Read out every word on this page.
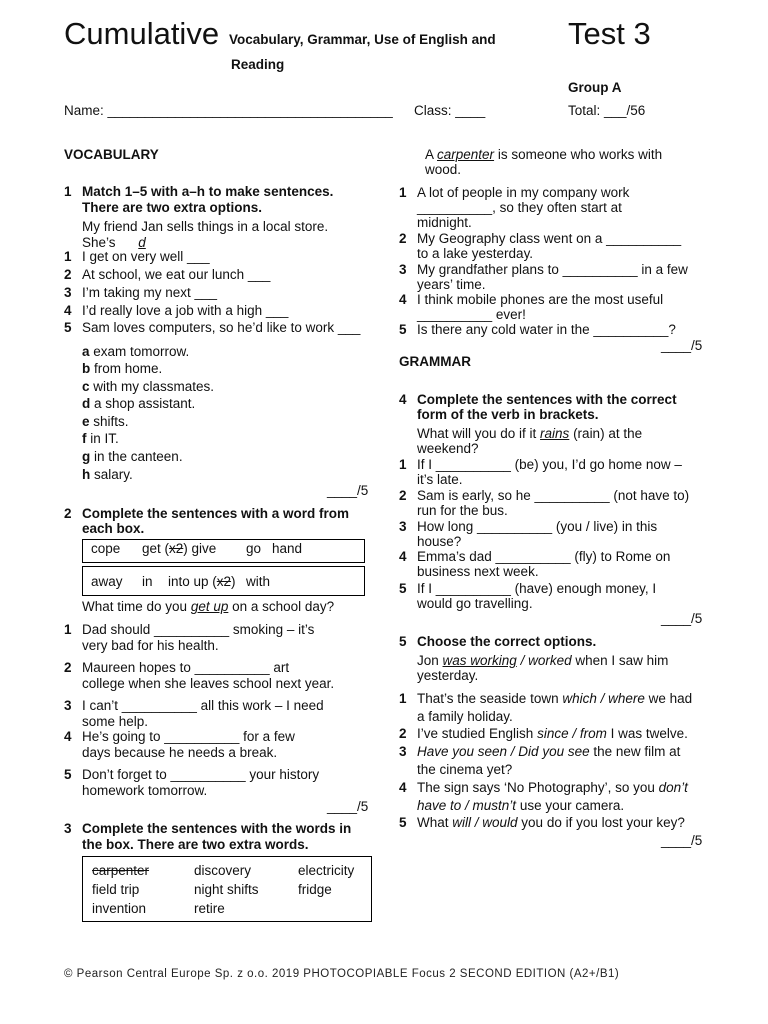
Cumulative Vocabulary, Grammar, Use of English and
Reading
Test 3
Group A
Name: ______________________________________ Class: ____	Total: ___/56
VOCABULARY
1 Match 1–5 with a–h to make sentences.
There are two extra options.
My friend Jan sells things in a local store.
She’s d
1 I get on very well ___
2 At school, we eat our lunch ___
3 I’m taking my next ___
4 I’d really love a job with a high ___
5 Sam loves computers, so he’d like to work ___
a exam tomorrow.
b from home.
c with my classmates.
d a shop assistant.
e shifts.
f in IT.
g in the canteen.
h salary.
____/5
2 Complete the sentences with a word from
each box.
cope get (x2) give go hand
away in into up (x2) with
What time do you get up on a school day?
1 Dad should __________ smoking – it’s
very bad for his health.
2 Maureen hopes to __________ art
college when she leaves school next year.
3 I can’t __________ all this work – I need
some help.
4 He’s going to __________ for a few
days because he needs a break.
5 Don’t forget to __________ your history
homework tomorrow.
____/5
3 Complete the sentences with the words in
the box. There are two extra words.
carpenter	discovery	electricity
field trip	night shifts	fridge
invention	retire
A carpenter is someone who works with
wood.
1 A lot of people in my company work
__________, so they often start at
midnight.
2 My Geography class went on a __________
to a lake yesterday.
3 My grandfather plans to __________ in a few
years’ time.
4 I think mobile phones are the most useful
__________ ever!
5 Is there any cold water in the __________?
____/5
GRAMMAR
4 Complete the sentences with the correct
form of the verb in brackets.
What will you do if it rains (rain) at the
weekend?
1 If I __________ (be) you, I’d go home now –
it’s late.
2 Sam is early, so he __________ (not have to)
run for the bus.
3 How long __________ (you / live) in this
house?
4 Emma’s dad __________ (fly) to Rome on
business next week.
5 If I __________ (have) enough money, I
would go travelling.
____/5
5 Choose the correct options.
Jon was working / worked when I saw him
yesterday.
1 That’s the seaside town which / where we had
a family holiday.
2 I’ve studied English since / from I was twelve.
3 Have you seen / Did you see the new film at
the cinema yet?
4 The sign says ‘No Photography’, so you don’t
have to / mustn’t use your camera.
5 What will / would you do if you lost your key?
____/5
© Pearson Central Europe Sp. z o.o. 2019 PHOTOCOPIABLE Focus 2 SECOND EDITION (A2+/B1)
